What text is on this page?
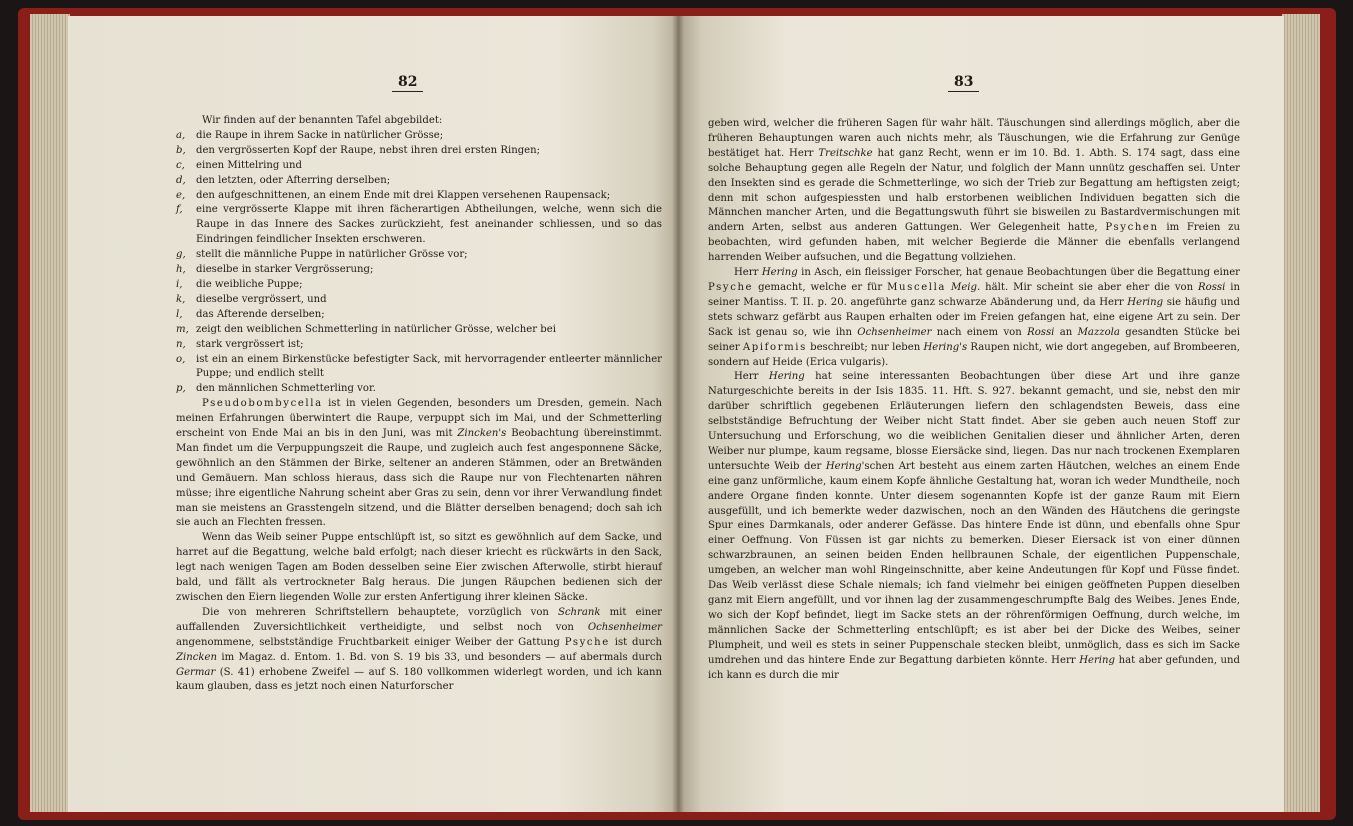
82

Wir finden auf der benannten Tafel abgebildet:

a, die Raupe in ihrem Sacke in natürlicher Grösse;

b, den vergrösserten Kopf der Raupe, nebst ihren drei ersten Ringen;

c, einen Mittelring und

d, den letzten, oder Afterring derselben;

e, den aufgeschnittenen, an einem Ende mit drei Klappen versehenen Raupensack;

f, eine vergrösserte Klappe mit ihren fächerartigen Abtheilungen, welche, wenn sich die Raupe in das Innere des Sackes zurückzieht, fest aneinander schliessen, und so das Eindringen feindlicher Insekten erschweren.

g, stellt die männliche Puppe in natürlicher Grösse vor;

h, dieselbe in starker Vergrösserung;

i, die weibliche Puppe;

k, dieselbe vergrössert, und

l, das Afterende derselben;

m, zeigt den weiblichen Schmetterling in natürlicher Grösse, welcher bei

n, stark vergrössert ist;

o, ist ein an einem Birkenstücke befestigter Sack, mit hervorragender entleerter männlicher Puppe; und endlich stellt

p, den männlichen Schmetterling vor.

Pseudobombycella ist in vielen Gegenden, besonders um Dresden, gemein. Nach meinen Erfahrungen überwintert die Raupe, verpuppt sich im Mai, und der Schmetterling erscheint von Ende Mai an bis in den Juni, was mit Zincken's Beobachtung übereinstimmt. Man findet um die Verpuppungszeit die Raupe, und zugleich auch fest angesponnene Säcke, gewöhnlich an den Stämmen der Birke, seltener an anderen Stämmen, oder an Bretwänden und Gemäuern. Man schloss hieraus, dass sich die Raupe nur von Flechtenarten nähren müsse; ihre eigentliche Nahrung scheint aber Gras zu sein, denn vor ihrer Verwandlung findet man sie meistens an Grasstengeln sitzend, und die Blätter derselben benagend; doch sah ich sie auch an Flechten fressen.

Wenn das Weib seiner Puppe entschlüpft ist, so sitzt es gewöhnlich auf dem Sacke, und harret auf die Begattung, welche bald erfolgt; nach dieser kriecht es rückwärts in den Sack, legt nach wenigen Tagen am Boden desselben seine Eier zwischen Afterwolle, stirbt hierauf bald, und fällt als vertrockneter Balg heraus. Die jungen Räupchen bedienen sich der zwischen den Eiern liegenden Wolle zur ersten Anfertigung ihrer kleinen Säcke.

Die von mehreren Schriftstellern behauptete, vorzüglich von Schrank mit einer auffallenden Zuversichtlichkeit vertheidigte, und selbst noch von Ochsenheimer angenommene, selbstständige Fruchtbarkeit einiger Weiber der Gattung Psyche ist durch Zincken im Magaz. d. Entom. 1. Bd. von S. 19 bis 33, und besonders — auf abermals durch Germar (S. 41) erhobene Zweifel — auf S. 180 vollkommen widerlegt worden, und ich kann kaum glauben, dass es jetzt noch einen Naturforscher

83

geben wird, welcher die früheren Sagen für wahr hält. Täuschungen sind allerdings möglich, aber die früheren Behauptungen waren auch nichts mehr, als Täuschungen, wie die Erfahrung zur Genüge bestätiget hat. Herr Treitschke hat ganz Recht, wenn er im 10. Bd. 1. Abth. S. 174 sagt, dass eine solche Behauptung gegen alle Regeln der Natur, und folglich der Mann unnütz geschaffen sei. Unter den Insekten sind es gerade die Schmetterlinge, wo sich der Trieb zur Begattung am heftigsten zeigt; denn mit schon aufgespiessten und halb erstorbenen weiblichen Individuen begatten sich die Männchen mancher Arten, und die Begattungswuth führt sie bisweilen zu Bastardvermischungen mit andern Arten, selbst aus anderen Gattungen. Wer Gelegenheit hatte, Psychen im Freien zu beobachten, wird gefunden haben, mit welcher Begierde die Männer die ebenfalls verlangend harrenden Weiber aufsuchen, und die Begattung vollziehen.

Herr Hering in Asch, ein fleissiger Forscher, hat genaue Beobachtungen über die Begattung einer Psyche gemacht, welche er für Muscella Meig. hält. Mir scheint sie aber eher die von Rossi in seiner Mantiss. T. II. p. 20. angeführte ganz schwarze Abänderung und, da Herr Hering sie häufig und stets schwarz gefärbt aus Raupen erhalten oder im Freien gefangen hat, eine eigene Art zu sein. Der Sack ist genau so, wie ihn Ochsenheimer nach einem von Rossi an Mazzola gesandten Stücke bei seiner Apiformis beschreibt; nur leben Hering's Raupen nicht, wie dort angegeben, auf Brombeeren, sondern auf Heide (Erica vulgaris).

Herr Hering hat seine interessanten Beobachtungen über diese Art und ihre ganze Naturgeschichte bereits in der Isis 1835. 11. Hft. S. 927. bekannt gemacht, und sie, nebst den mir darüber schriftlich gegebenen Erläuterungen liefern den schlagendsten Beweis, dass eine selbstständige Befruchtung der Weiber nicht Statt findet. Aber sie geben auch neuen Stoff zur Untersuchung und Erforschung, wo die weiblichen Genitalien dieser und ähnlicher Arten, deren Weiber nur plumpe, kaum regsame, blosse Eiersäcke sind, liegen. Das nur nach trockenen Exemplaren untersuchte Weib der Hering'schen Art besteht aus einem zarten Häutchen, welches an einem Ende eine ganz unförmliche, kaum einem Kopfe ähnliche Gestaltung hat, woran ich weder Mundtheile, noch andere Organe finden konnte. Unter diesem sogenannten Kopfe ist der ganze Raum mit Eiern ausgefüllt, und ich bemerkte weder dazwischen, noch an den Wänden des Häutchens die geringste Spur eines Darmkanals, oder anderer Gefässe. Das hintere Ende ist dünn, und ebenfalls ohne Spur einer Oeffnung. Von Füssen ist gar nichts zu bemerken. Dieser Eiersack ist von einer dünnen schwarzbraunen, an seinen beiden Enden hellbraunen Schale, der eigentlichen Puppenschale, umgeben, an welcher man wohl Ringeinschnitte, aber keine Andeutungen für Kopf und Füsse findet. Das Weib verlässt diese Schale niemals; ich fand vielmehr bei einigen geöffneten Puppen dieselben ganz mit Eiern angefüllt, und vor ihnen lag der zusammengeschrumpfte Balg des Weibes. Jenes Ende, wo sich der Kopf befindet, liegt im Sacke stets an der röhrenförmigen Oeffnung, durch welche, im männlichen Sacke der Schmetterling entschlüpft; es ist aber bei der Dicke des Weibes, seiner Plumpheit, und weil es stets in seiner Puppenschale stecken bleibt, unmöglich, dass es sich im Sacke umdrehen und das hintere Ende zur Begattung darbieten könnte. Herr Hering hat aber gefunden, und ich kann es durch die mir
